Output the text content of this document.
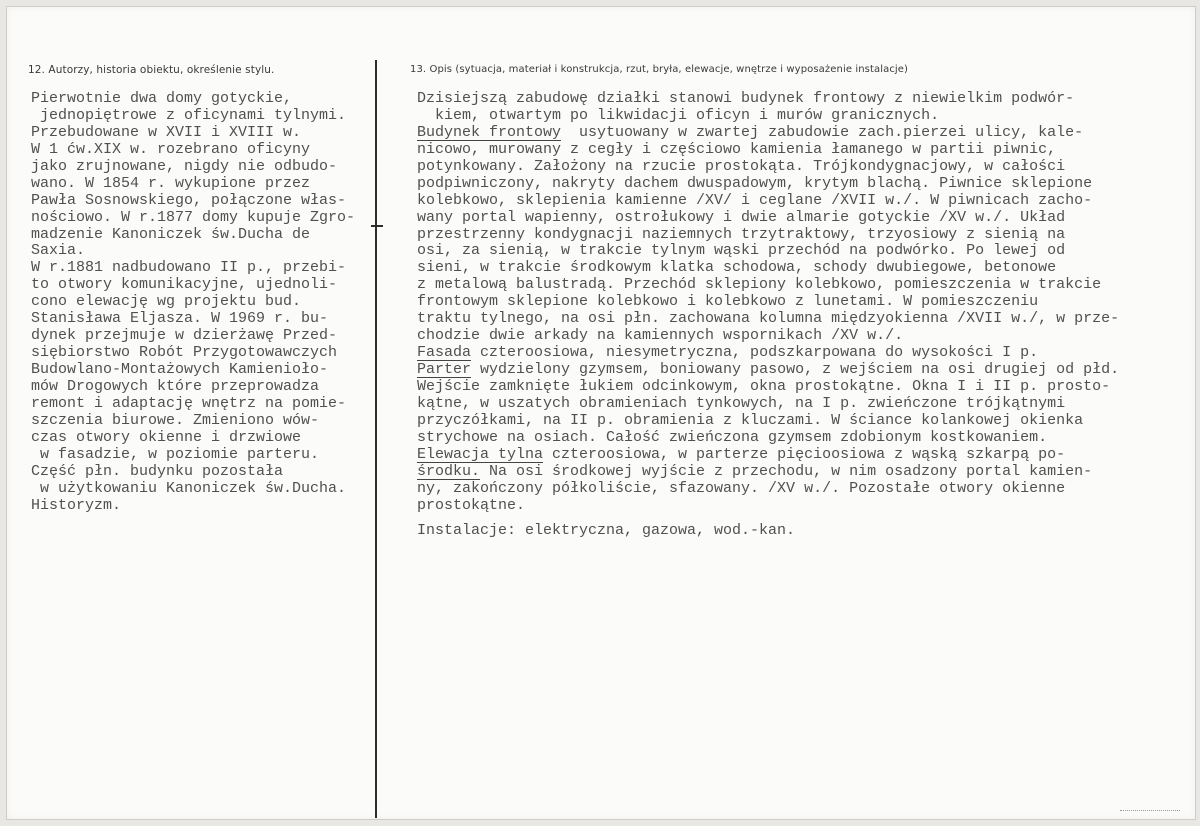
12. Autorzy, historia obiektu, określenie stylu.	13. Opis (sytuacja, materiał i konstrukcja, rzut, bryła, elewacje, wnętrze i wyposażenie instalacje)
Pierwotnie dwa domy gotyckie,
jednopiętrowe z oficynami tylnymi.
Przebudowane w XVII i XVIII w.
W 1 ćw.XIX w. rozebrano oficyny
jako zrujnowane, nigdy nie odbudo-
wano. W 1854 r. wykupione przez
Pawła Sosnowskiego, połączone włas-
nościowo. W r.1877 domy kupuje Zgro-
madzenie Kanoniczek św.Ducha de
Saxia.
W r.1881 nadbudowano II p., przebi-
to otwory komunikacyjne, ujednoli-
cono elewację wg projektu bud.
Stanisława Eljasza. W 1969 r. bu-
dynek przejmuje w dzierżawę Przed-
siębiorstwo Robót Przygotowawczych
Budowlano-Montażowych Kamienioło-
mów Drogowych które przeprowadza
remont i adaptację wnętrz na pomie-
szczenia biurowe. Zmieniono wów-
czas otwory okienne i drzwiowe
w fasadzie, w poziomie parteru.
Część płn. budynku pozostała
w użytkowaniu Kanoniczek św.Ducha.
Historyzm.
Dzisiejszą zabudowę działki stanowi budynek frontowy z niewielkim podwór-
kiem, otwartym po likwidacji oficyn i murów granicznych.
Budynek frontowy  usytuowany w zwartej zabudowie zach.pierzei ulicy, kale-
nicowo, murowany z cegły i częściowo kamienia łamanego w partii piwnic,
potynkowany. Założony na rzucie prostokąta. Trójkondygnacjowy, w całości
podpiwniczony, nakryty dachem dwuspadowym, krytym blachą. Piwnice sklepione
kolebkowo, sklepienia kamienne /XV/ i ceglane /XVII w./. W piwnicach zacho-
wany portal wapienny, ostrołukowy i dwie almarie gotyckie /XV w./. Układ
przestrzenny kondygnacji naziemnych trzytraktowy, trzyosiowy z sienią na
osi, za sienią, w trakcie tylnym wąski przechód na podwórko. Po lewej od
sieni, w trakcie środkowym klatka schodowa, schody dwubiegowe, betonowe
z metalową balustradą. Przechód sklepiony kolebkowo, pomieszczenia w trakcie
frontowym sklepione kolebkowo i kolebkowo z lunetami. W pomieszczeniu
traktu tylnego, na osi płn. zachowana kolumna międzyokienna /XVII w./, w prze-
chodzie dwie arkady na kamiennych wspornikach /XV w./.
Fasada czteroosiowa, niesymetryczna, podszkarpowana do wysokości I p.
Parter wydzielony gzymsem, boniowany pasowo, z wejściem na osi drugiej od płd.
Wejście zamknięte łukiem odcinkowym, okna prostokątne. Okna I i II p. prosto-
kątne, w uszatych obramieniach tynkowych, na I p. zwieńczone trójkątnymi
przyczółkami, na II p. obramienia z kluczami. W ściance kolankowej okienka
strychowe na osiach. Całość zwieńczona gzymsem zdobionym kostkowaniem.
Elewacja tylna czteroosiowa, w parterze pięcioosiowa z wąską szkarpą po-
środku. Na osi środkowej wyjście z przechodu, w nim osadzony portal kamien-
ny, zakończony półkoliście, sfazowany. /XV w./. Pozostałe otwory okienne
prostokątne.
Instalacje: elektryczna, gazowa, wod.-kan.
